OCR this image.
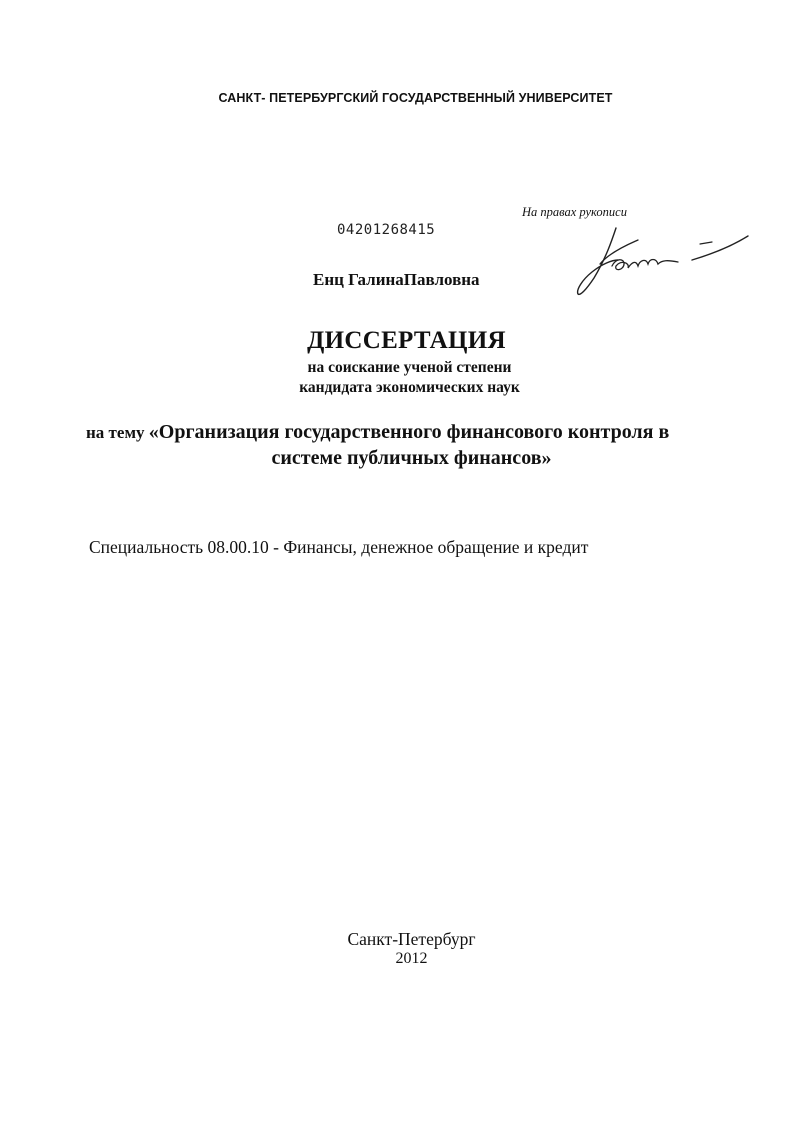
САНКТ- ПЕТЕРБУРГСКИЙ ГОСУДАРСТВЕННЫЙ УНИВЕРСИТЕТ
На правах рукописи
04201268415
Енц ГалинаПавловна
ДИССЕРТАЦИЯ
на соискание ученой степени
кандидата экономических наук
на тему «Организация государственного финансового контроля в
системе публичных финансов»
Специальность 08.00.10 - Финансы, денежное обращение и кредит
Санкт-Петербург
2012
